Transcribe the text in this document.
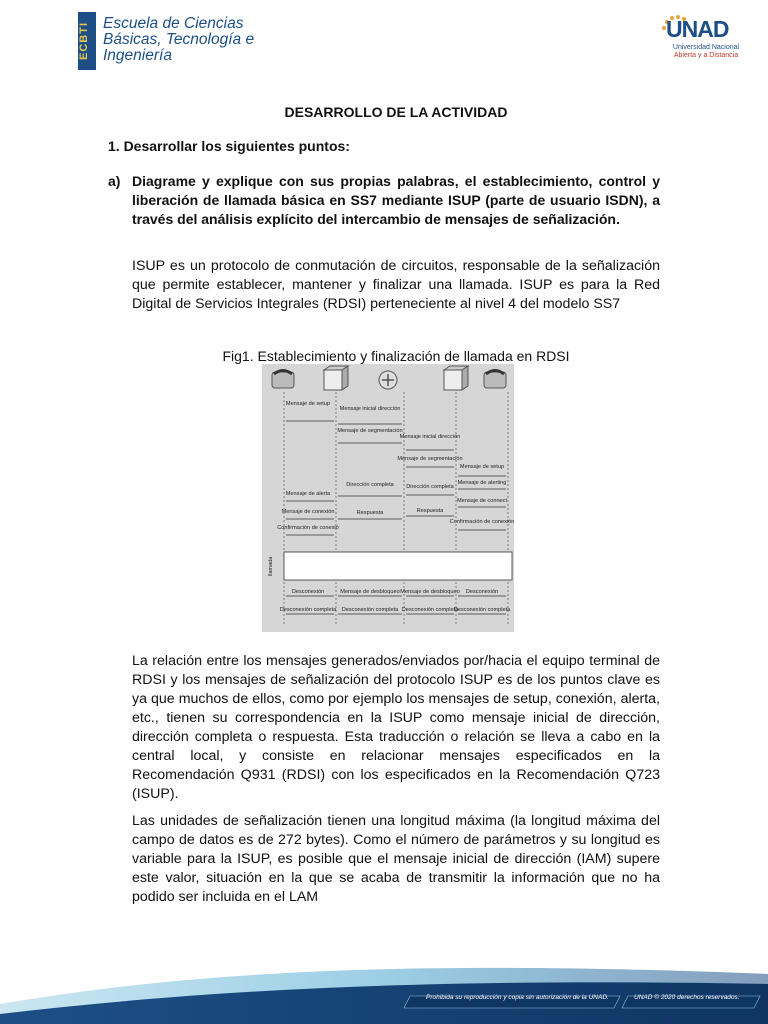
ECBTI Escuela de Ciencias
Básicas, Tecnología e
Ingeniería
UNAD
Universidad Nacional
Abierta y a Distancia
DESARROLLO DE LA ACTIVIDAD
1. Desarrollar los siguientes puntos:
a) Diagrame y explique con sus propias palabras, el establecimiento, control y liberación de llamada básica en SS7 mediante ISUP (parte de usuario ISDN), a través del análisis explícito del intercambio de mensajes de señalización.
ISUP es un protocolo de conmutación de circuitos, responsable de la señalización que permite establecer, mantener y finalizar una llamada. ISUP es para la Red Digital de Servicios Integrales (RDSI) perteneciente al nivel 4 del modelo SS7
Fig1. Establecimiento y finalización de llamada en RDSI
La relación entre los mensajes generados/enviados por/hacia el equipo terminal de RDSI y los mensajes de señalización del protocolo ISUP es de los puntos clave es ya que muchos de ellos, como por ejemplo los mensajes de setup, conexión, alerta, etc., tienen su correspondencia en la ISUP como mensaje inicial de dirección, dirección completa o respuesta. Esta traducción o relación se lleva a cabo en la central local, y consiste en relacionar mensajes especificados en la Recomendación Q931 (RDSI) con los especificados en la Recomendación Q723 (ISUP).
Las unidades de señalización tienen una longitud máxima (la longitud máxima del campo de datos es de 272 bytes). Como el número de parámetros y su longitud es variable para la ISUP, es posible que el mensaje inicial de dirección (IAM) supere este valor, situación en la que se acaba de transmitir la información que no ha podido ser incluida en el LAM
llamada
Mensaje de setup
Mensaje de alerta
Mensaje de conexión
Confirmación de conexió
Mensaje inicial dirección
Mensaje de segmentación
Dirección completa
Respuesta
Mensaje inicial dirección
Mensaje de segmentación
Dirección completa
Respuesta
Mensaje de setup
Mensaje de alerting
Mensaje de connect
Confirmación de conexión
Desconexión
Desconexión completa
Mensaje de desbloqueo
Desconexión completa
Mensaje de desbloqueo
Desconexión completa
Desconexión
Desconexión completa
Prohibida su reproducción y copia sin autorización de la UNAD.	UNAD © 2020 derechos reservados.
